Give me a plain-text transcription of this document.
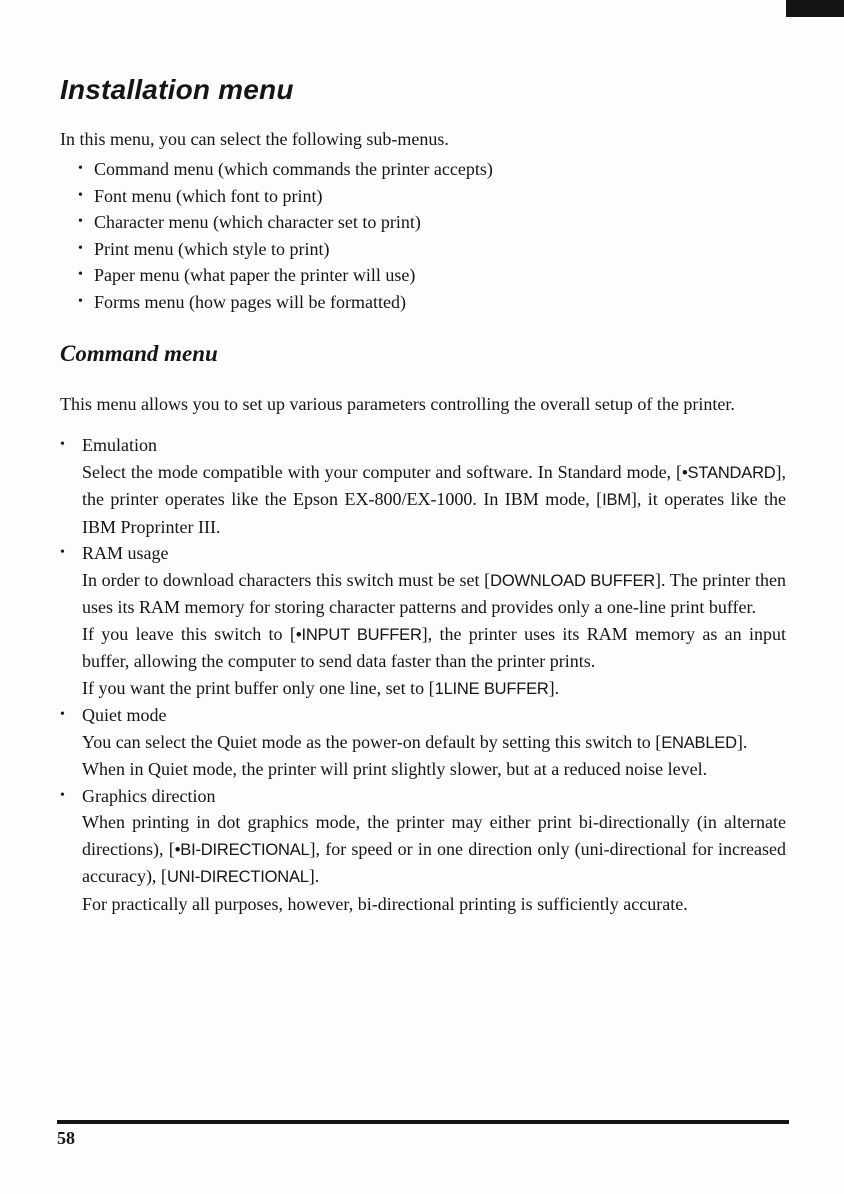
Installation menu

In this menu, you can select the following sub-menus.

• Command menu (which commands the printer accepts)
• Font menu (which font to print)
• Character menu (which character set to print)
• Print menu (which style to print)
• Paper menu (what paper the printer will use)
• Forms menu (how pages will be formatted)
Command menu

This menu allows you to set up various parameters controlling the overall setup of the printer.

• Emulation

Select the mode compatible with your computer and software. In Standard mode, [•STANDARD], the printer operates like the Epson EX-800/EX-1000. In IBM mode, [IBM], it operates like the IBM Proprinter III.

• RAM usage

In order to download characters this switch must be set [DOWNLOAD BUFFER]. The printer then uses its RAM memory for storing character patterns and provides only a one-line print buffer.

If you leave this switch to [•INPUT BUFFER], the printer uses its RAM memory as an input buffer, allowing the computer to send data faster than the printer prints.

If you want the print buffer only one line, set to [1LINE BUFFER].

• Quiet mode

You can select the Quiet mode as the power-on default by setting this switch to [ENABLED].

When in Quiet mode, the printer will print slightly slower, but at a reduced noise level.

• Graphics direction

When printing in dot graphics mode, the printer may either print bi-directionally (in alternate directions), [•BI-DIRECTIONAL], for speed or in one direction only (uni-directional for increased accuracy), [UNI-DIRECTIONAL].

For practically all purposes, however, bi-directional printing is sufficiently accurate.

58
